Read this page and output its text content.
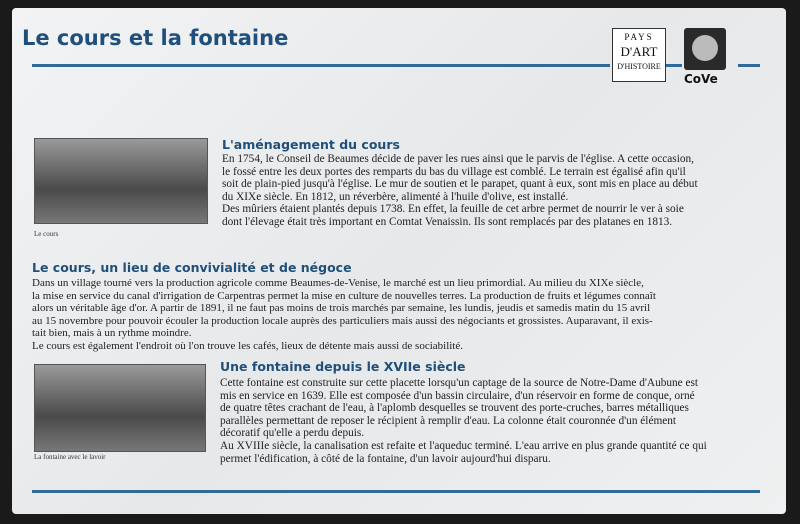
Le cours et la fontaine	PAYS
D'ART
D'HISTOIRE
CoVe
Le cours
L'aménagement du cours
En 1754, le Conseil de Beaumes décide de paver les rues ainsi que le parvis de l'église. A cette occasion,
le fossé entre les deux portes des remparts du bas du village est comblé. Le terrain est égalisé afin qu'il
soit de plain-pied jusqu'à l'église. Le mur de soutien et le parapet, quant à eux, sont mis en place au début
du XIXe siècle. En 1812, un réverbère, alimenté à l'huile d'olive, est installé.
Des mûriers étaient plantés depuis 1738. En effet, la feuille de cet arbre permet de nourrir le ver à soie
dont l'élevage était très important en Comtat Venaissin. Ils sont remplacés par des platanes en 1813.
Le cours, un lieu de convivialité et de négoce
Dans un village tourné vers la production agricole comme Beaumes-de-Venise, le marché est un lieu primordial. Au milieu du XIXe siècle,
la mise en service du canal d'irrigation de Carpentras permet la mise en culture de nouvelles terres. La production de fruits et légumes connaît
alors un véritable âge d'or. A partir de 1891, il ne faut pas moins de trois marchés par semaine, les lundis, jeudis et samedis matin du 15 avril
au 15 novembre pour pouvoir écouler la production locale auprès des particuliers mais aussi des négociants et grossistes. Auparavant, il exis-
tait bien, mais à un rythme moindre.
Le cours est également l'endroit où l'on trouve les cafés, lieux de détente mais aussi de sociabilité.
La fontaine avec le lavoir
Une fontaine depuis le XVIIe siècle
Cette fontaine est construite sur cette placette lorsqu'un captage de la source de Notre-Dame d'Aubune est
mis en service en 1639. Elle est composée d'un bassin circulaire, d'un réservoir en forme de conque, orné
de quatre têtes crachant de l'eau, à l'aplomb desquelles se trouvent des porte-cruches, barres métalliques
parallèles permettant de reposer le récipient à remplir d'eau. La colonne était couronnée d'un élément
décoratif qu'elle a perdu depuis.
Au XVIIIe siècle, la canalisation est refaite et l'aqueduc terminé. L'eau arrive en plus grande quantité ce qui
permet l'édification, à côté de la fontaine, d'un lavoir aujourd'hui disparu.
